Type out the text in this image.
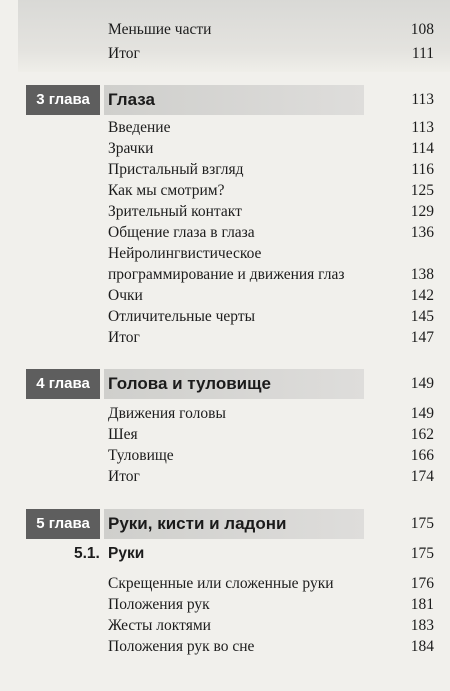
Меньшие части	108
Итог	111
3 глава	Глаза	113
Введение	113
Зрачки	114
Пристальный взгляд	116
Как мы смотрим?	125
Зрительный контакт	129
Общение глаза в глаза	136
Нейролингвистическое
программирование и движения глаз	138
Очки	142
Отличительные черты	145
Итог	147
4 глава	Голова и туловище	149
Движения головы	149
Шея	162
Туловище	166
Итог	174
5 глава	Руки, кисти и ладони	175
5.1. Руки	175
Скрещенные или сложенные руки	176
Положения рук	181
Жесты локтями	183
Положения рук во сне	184
